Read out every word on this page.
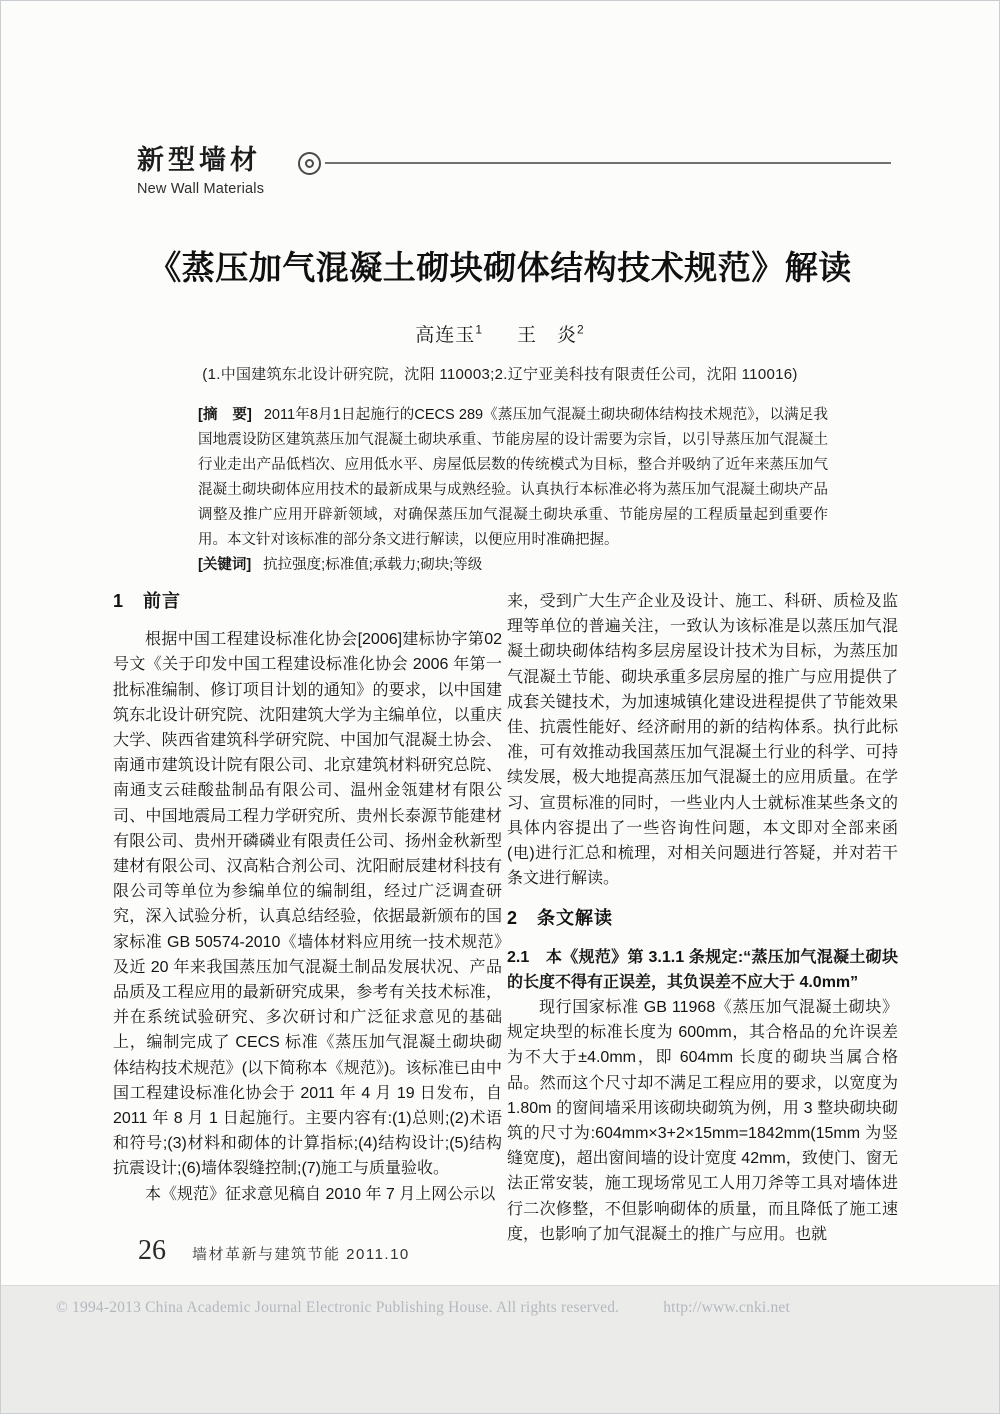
新型墙材
New Wall Materials
《蒸压加气混凝土砌块砌体结构技术规范》解读
高连玉$^1$ 王　炎$^2$
(1.中国建筑东北设计研究院，沈阳 110003;2.辽宁亚美科技有限责任公司，沈阳 110016)

[摘　要] 2011年8月1日起施行的CECS 289《蒸压加气混凝土砌块砌体结构技术规范》，以满足我国地震设防区建筑蒸压加气混凝土砌块承重、节能房屋的设计需要为宗旨，以引导蒸压加气混凝土行业走出产品低档次、应用低水平、房屋低层数的传统模式为目标，整合并吸纳了近年来蒸压加气混凝土砌块砌体应用技术的最新成果与成熟经验。认真执行本标准必将为蒸压加气混凝土砌块产品调整及推广应用开辟新领域，对确保蒸压加气混凝土砌块承重、节能房屋的工程质量起到重要作用。本文针对该标准的部分条文进行解读，以便应用时准确把握。

[关键词] 抗拉强度;标准值;承载力;砌块;等级

1　前言

根据中国工程建设标准化协会[2006]建标协字第02号文《关于印发中国工程建设标准化协会 2006 年第一批标准编制、修订项目计划的通知》的要求，以中国建筑东北设计研究院、沈阳建筑大学为主编单位，以重庆大学、陕西省建筑科学研究院、中国加气混凝土协会、南通市建筑设计院有限公司、北京建筑材料研究总院、南通支云硅酸盐制品有限公司、温州金瓴建材有限公司、中国地震局工程力学研究所、贵州长泰源节能建材有限公司、贵州开磷磷业有限责任公司、扬州金秋新型建材有限公司、汉高粘合剂公司、沈阳耐辰建材科技有限公司等单位为参编单位的编制组，经过广泛调查研究，深入试验分析，认真总结经验，依据最新颁布的国家标准 GB 50574-2010《墙体材料应用统一技术规范》及近 20 年来我国蒸压加气混凝土制品发展状况、产品品质及工程应用的最新研究成果，参考有关技术标准，并在系统试验研究、多次研讨和广泛征求意见的基础上，编制完成了 CECS 标准《蒸压加气混凝土砌块砌体结构技术规范》(以下简称本《规范》)。该标准已由中国工程建设标准化协会于 2011 年 4 月 19 日发布，自 2011 年 8 月 1 日起施行。主要内容有:(1)总则;(2)术语和符号;(3)材料和砌体的计算指标;(4)结构设计;(5)结构抗震设计;(6)墙体裂缝控制;(7)施工与质量验收。

本《规范》征求意见稿自 2010 年 7 月上网公示以

来，受到广大生产企业及设计、施工、科研、质检及监理等单位的普遍关注，一致认为该标准是以蒸压加气混凝土砌块砌体结构多层房屋设计技术为目标，为蒸压加气混凝土节能、砌块承重多层房屋的推广与应用提供了成套关键技术，为加速城镇化建设进程提供了节能效果佳、抗震性能好、经济耐用的新的结构体系。执行此标准，可有效推动我国蒸压加气混凝土行业的科学、可持续发展，极大地提高蒸压加气混凝土的应用质量。在学习、宣贯标准的同时，一些业内人士就标准某些条文的具体内容提出了一些咨询性问题，本文即对全部来函(电)进行汇总和梳理，对相关问题进行答疑，并对若干条文进行解读。

2　条文解读

2.1　本《规范》第 3.1.1 条规定:“蒸压加气混凝土砌块的长度不得有正误差，其负误差不应大于 4.0mm”

现行国家标准 GB 11968《蒸压加气混凝土砌块》规定块型的标准长度为 600mm，其合格品的允许误差为不大于±4.0mm，即 604mm 长度的砌块当属合格品。然而这个尺寸却不满足工程应用的要求，以宽度为 1.80m 的窗间墙采用该砌块砌筑为例，用 3 整块砌块砌筑的尺寸为:604mm×3+2×15mm=1842mm(15mm 为竖缝宽度)，超出窗间墙的设计宽度 42mm，致使门、窗无法正常安装，施工现场常见工人用刀斧等工具对墙体进行二次修整，不但影响砌体的质量，而且降低了施工速度，也影响了加气混凝土的推广与应用。也就

26 墙材革新与建筑节能 2011.10
© 1994-2013 China Academic Journal Electronic Publishing House. All rights reserved.	http://www.cnki.net
